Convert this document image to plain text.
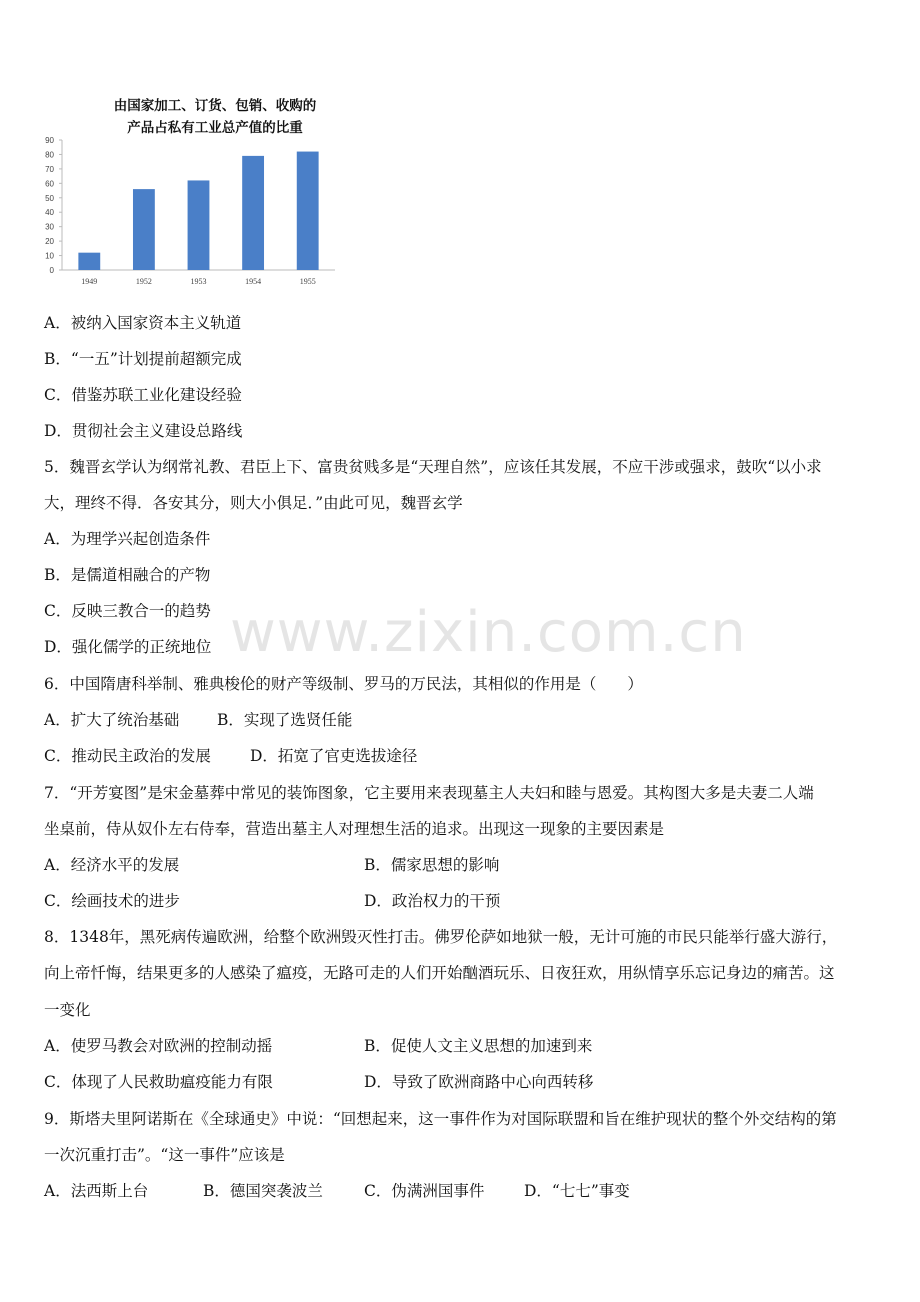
由国家加工、订货、包销、收购的
产品占私有工业总产值的比重
0
10
20
30
40
50
60
70
80
90
1949	1952	1953	1954	1955
A．被纳入国家资本主义轨道
B．“一五”计划提前超额完成
C．借鉴苏联工业化建设经验
D．贯彻社会主义建设总路线
5．魏晋玄学认为纲常礼教、君臣上下、富贵贫贱多是“天理自然”，应该任其发展，不应干涉或强求，鼓吹“以小求
大，理终不得．各安其分，则大小俱足．”由此可见，魏晋玄学
A．为理学兴起创造条件
B．是儒道相融合的产物
C．反映三教合一的趋势
D．强化儒学的正统地位
6．中国隋唐科举制、雅典梭伦的财产等级制、罗马的万民法，其相似的作用是（　　）
A．扩大了统治基础 B．实现了选贤任能
C．推动民主政治的发展	D．拓宽了官吏选拔途径
7．“开芳宴图”是宋金墓葬中常见的装饰图象，它主要用来表现墓主人夫妇和睦与恩爱。其构图大多是夫妻二人端
坐桌前，侍从奴仆左右侍奉，营造出墓主人对理想生活的追求。出现这一现象的主要因素是
A．经济水平的发展	B．儒家思想的影响
C．绘画技术的进步	D．政治权力的干预
8．1348年，黑死病传遍欧洲，给整个欧洲毁灭性打击。佛罗伦萨如地狱一般，无计可施的市民只能举行盛大游行，
向上帝忏悔，结果更多的人感染了瘟疫，无路可走的人们开始酗酒玩乐、日夜狂欢，用纵情享乐忘记身边的痛苦。这
一变化
A．使罗马教会对欧洲的控制动摇	B．促使人文主义思想的加速到来
C．体现了人民救助瘟疫能力有限	D．导致了欧洲商路中心向西转移
9．斯塔夫里阿诺斯在《全球通史》中说：“回想起来，这一事件作为对国际联盟和旨在维护现状的整个外交结构的第
一次沉重打击”。“这一事件”应该是
A．法西斯上台	B．德国突袭波兰	C．伪满洲国事件	D．“七七”事变
www.zixin.com.cn
